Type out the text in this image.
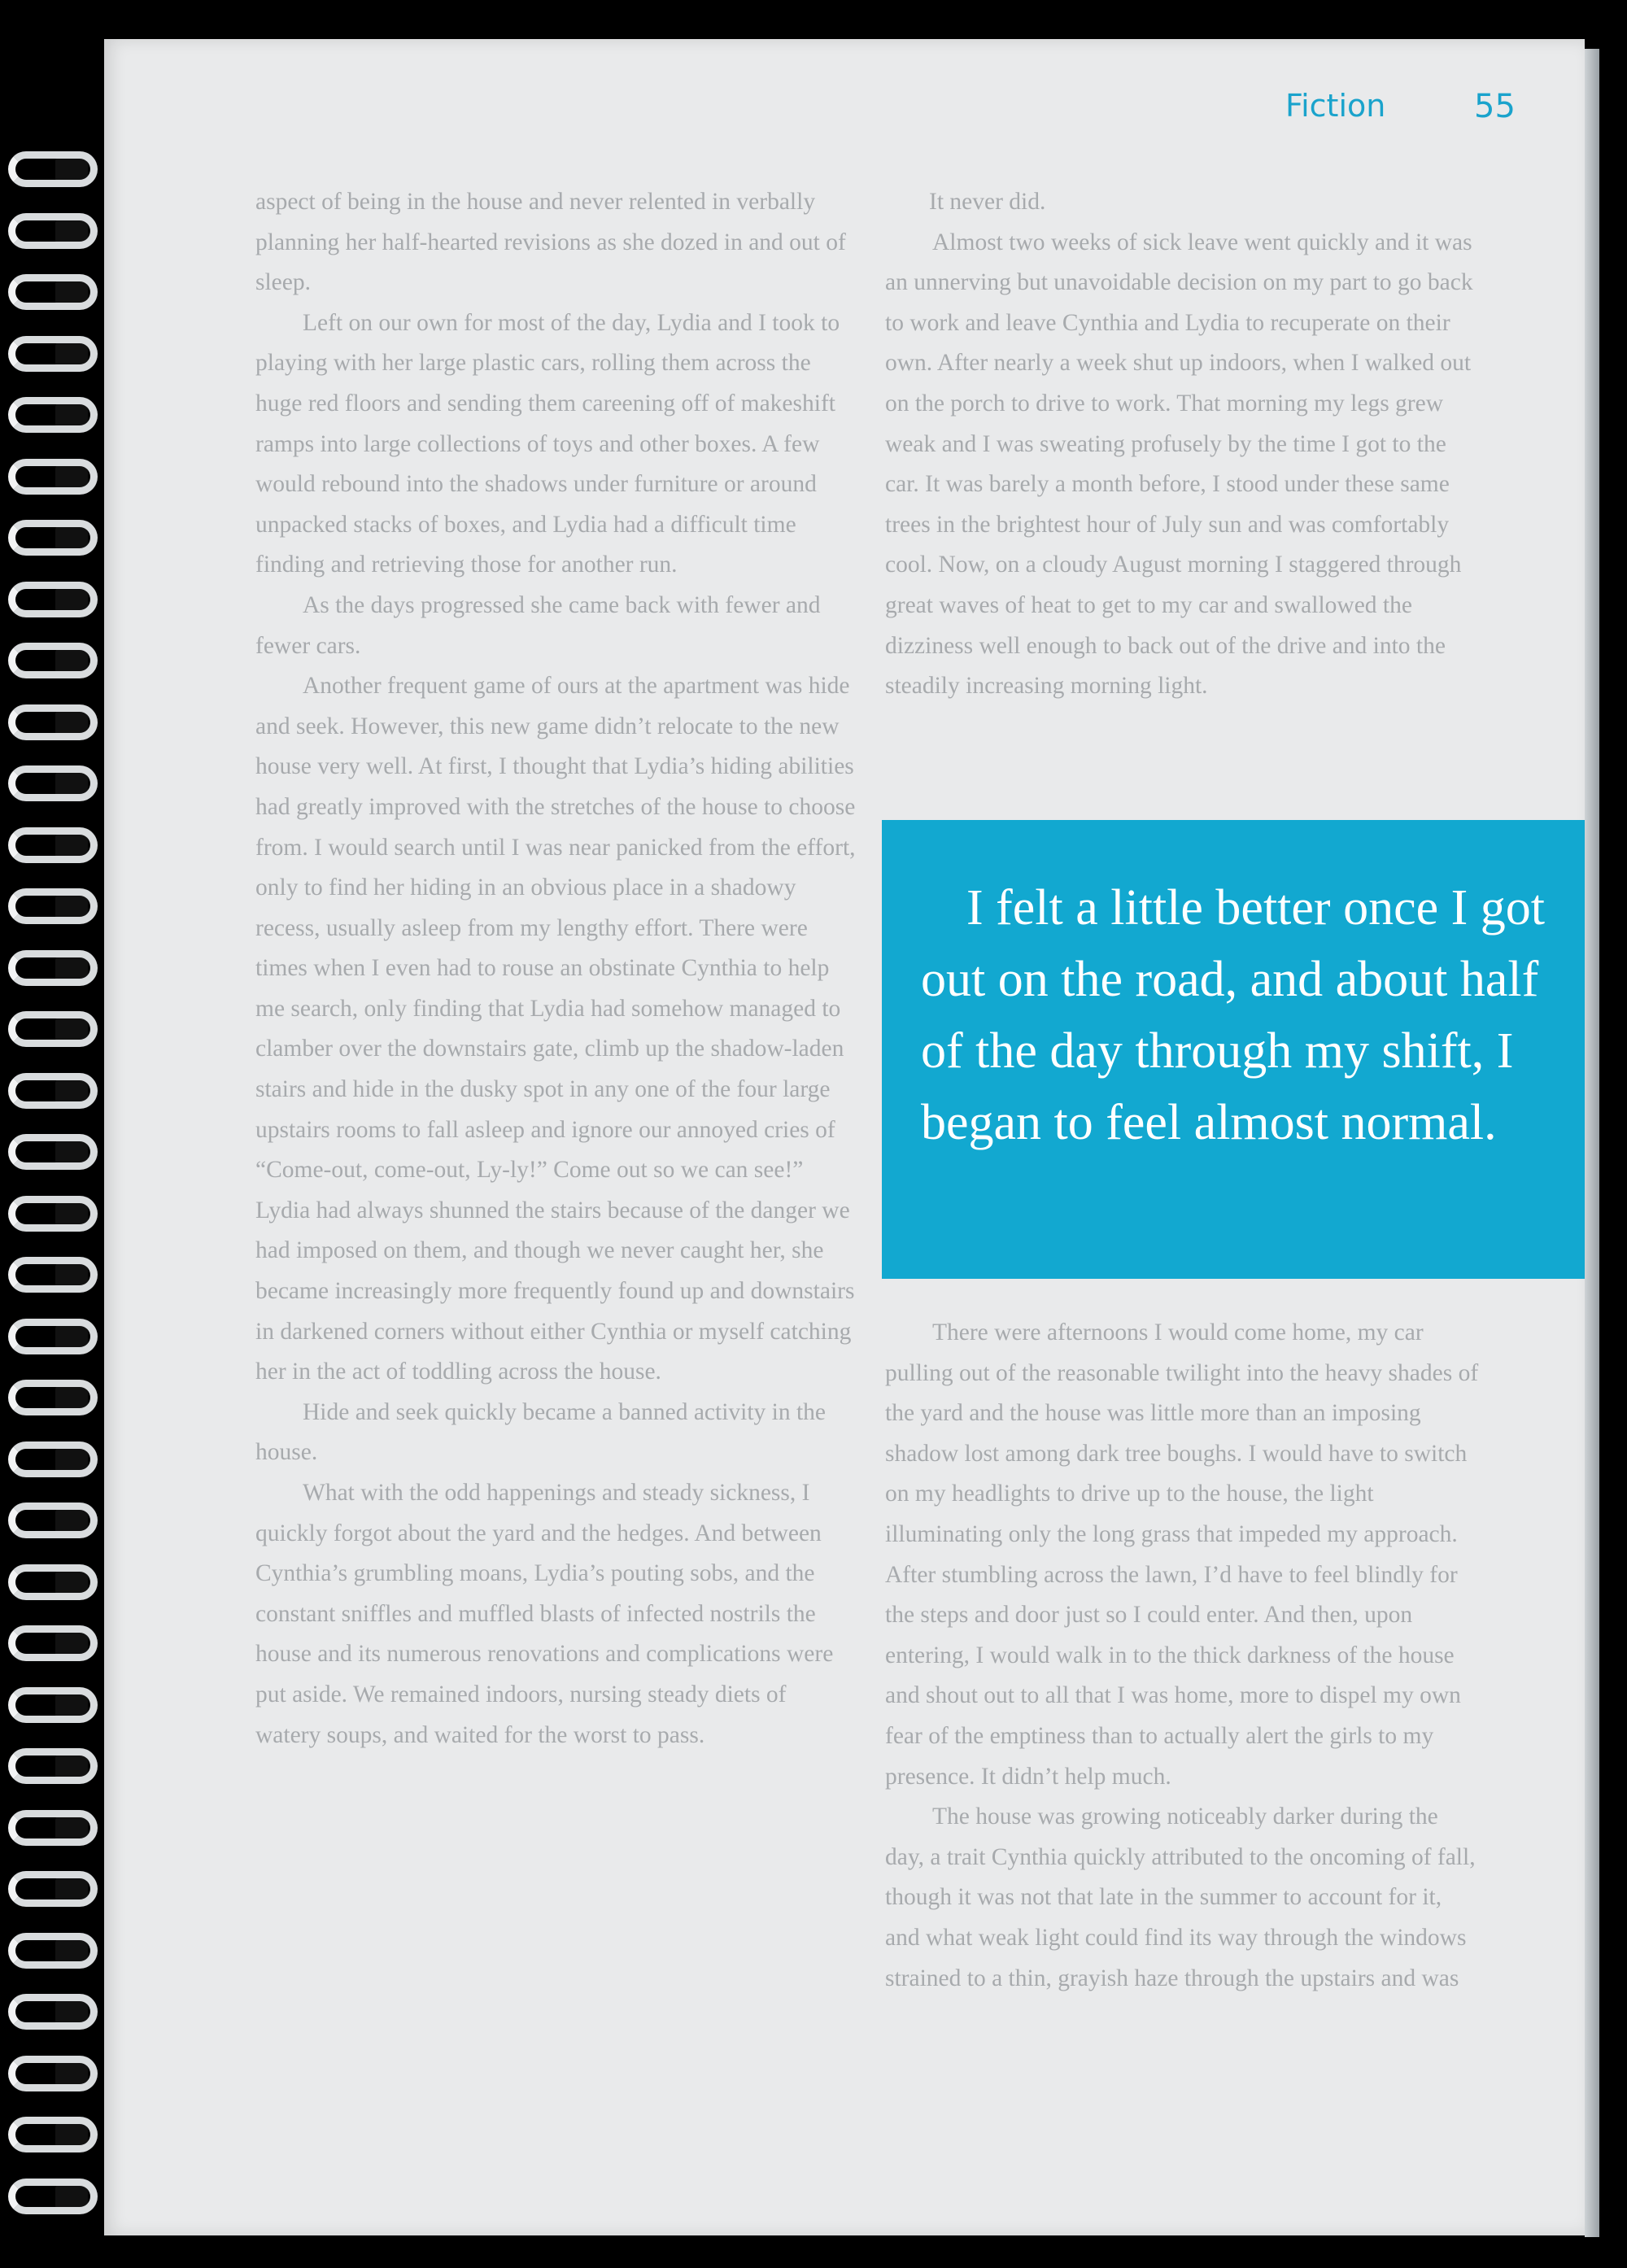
Fiction	55

aspect of being in the house and never relented in verbally planning her half-hearted revisions as she dozed in and out of sleep.

Left on our own for most of the day, Lydia and I took to playing with her large plastic cars, rolling them across the huge red floors and sending them careening off of makeshift ramps into large collections of toys and other boxes. A few would rebound into the shadows under furniture or around unpacked stacks of boxes, and Lydia had a difficult time finding and retrieving those for another run.

As the days progressed she came back with fewer and fewer cars.

Another frequent game of ours at the apartment was hide and seek. However, this new game didn’t relocate to the new house very well. At first, I thought that Lydia’s hiding abilities had greatly improved with the stretches of the house to choose from. I would search until I was near panicked from the effort, only to find her hiding in an obvious place in a shadowy recess, usually asleep from my lengthy effort. There were times when I even had to rouse an obstinate Cynthia to help me search, only finding that Lydia had somehow managed to clamber over the downstairs gate, climb up the shadow-laden stairs and hide in the dusky spot in any one of the four large upstairs rooms to fall asleep and ignore our annoyed cries of “Come-out, come-out, Ly-ly!” Come out so we can see!” Lydia had always shunned the stairs because of the danger we had imposed on them, and though we never caught her, she became increasingly more frequently found up and downstairs in darkened corners without either Cynthia or myself catching her in the act of toddling across the house.

Hide and seek quickly became a banned activity in the house.

What with the odd happenings and steady sickness, I quickly forgot about the yard and the hedges. And between Cynthia’s grumbling moans, Lydia’s pouting sobs, and the constant sniffles and muffled blasts of infected nostrils the house and its numerous renovations and complications were put aside. We remained indoors, nursing steady diets of watery soups, and waited for the worst to pass.

It never did.

Almost two weeks of sick leave went quickly and it was an unnerving but unavoidable decision on my part to go back to work and leave Cynthia and Lydia to recuperate on their own. After nearly a week shut up indoors, when I walked out on the porch to drive to work. That morning my legs grew weak and I was sweating profusely by the time I got to the car. It was barely a month before, I stood under these same trees in the brightest hour of July sun and was comfortably cool. Now, on a cloudy August morning I staggered through great waves of heat to get to my car and swallowed the dizziness well enough to back out of the drive and into the steadily increasing morning light.

I felt a little better once I got out on the road, and about half of the day through my shift, I began to feel almost normal.

There were afternoons I would come home, my car pulling out of the reasonable twilight into the heavy shades of the yard and the house was little more than an imposing shadow lost among dark tree boughs. I would have to switch on my headlights to drive up to the house, the light illuminating only the long grass that impeded my approach. After stumbling across the lawn, I’d have to feel blindly for the steps and door just so I could enter. And then, upon entering, I would walk in to the thick darkness of the house and shout out to all that I was home, more to dispel my own fear of the emptiness than to actually alert the girls to my presence. It didn’t help much.

The house was growing noticeably darker during the day, a trait Cynthia quickly attributed to the oncoming of fall, though it was not that late in the summer to account for it, and what weak light could find its way through the windows strained to a thin, grayish haze through the upstairs and was
